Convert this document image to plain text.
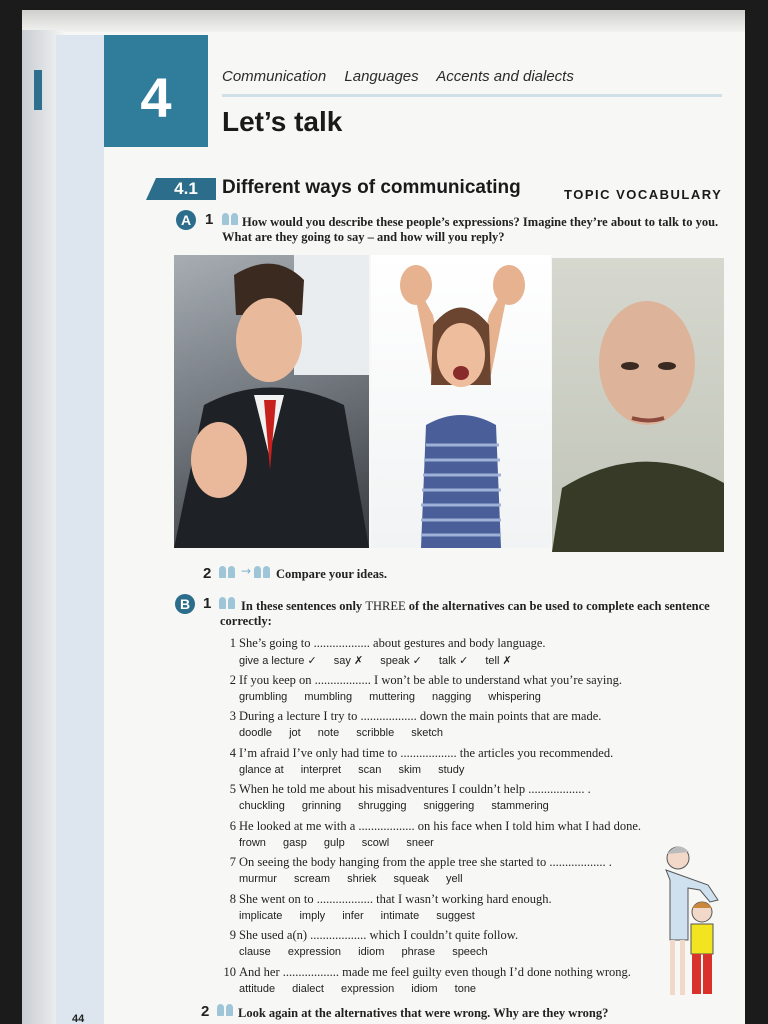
4	Communication Languages Accents and dialects
Let’s talk
4.1	Different ways of communicating	TOPIC VOCABULARY
A 1	How would you describe these people’s expressions? Imagine they’re about to talk to you. What are they going to say – and how will you reply?
2 → Compare your ideas.
B 1	In these sentences only THREE of the alternatives can be used to complete each sentence correctly:
1 She’s going to .................. about gestures and body language.
give a lecture ✓ say ✗ speak ✓ talk ✓ tell ✗
2 If you keep on .................. I won’t be able to understand what you’re saying.
grumbling mumbling muttering nagging whispering
3 During a lecture I try to .................. down the main points that are made.
doodle jot note scribble sketch
4 I’m afraid I’ve only had time to .................. the articles you recommended.
glance at interpret scan skim study
5 When he told me about his misadventures I couldn’t help .................. .
chuckling grinning shrugging sniggering stammering
6 He looked at me with a .................. on his face when I told him what I had done.
frown gasp gulp scowl sneer
7 On seeing the body hanging from the apple tree she started to .................. .
murmur scream shriek squeak yell
8 She went on to .................. that I wasn’t working hard enough.
implicate imply infer intimate suggest
9 She used a(n) .................. which I couldn’t quite follow.
clause expression idiom phrase speech
10 And her .................. made me feel guilty even though I’d done nothing wrong.
attitude dialect expression idiom tone
2 Look again at the alternatives that were wrong. Why are they wrong?
44
